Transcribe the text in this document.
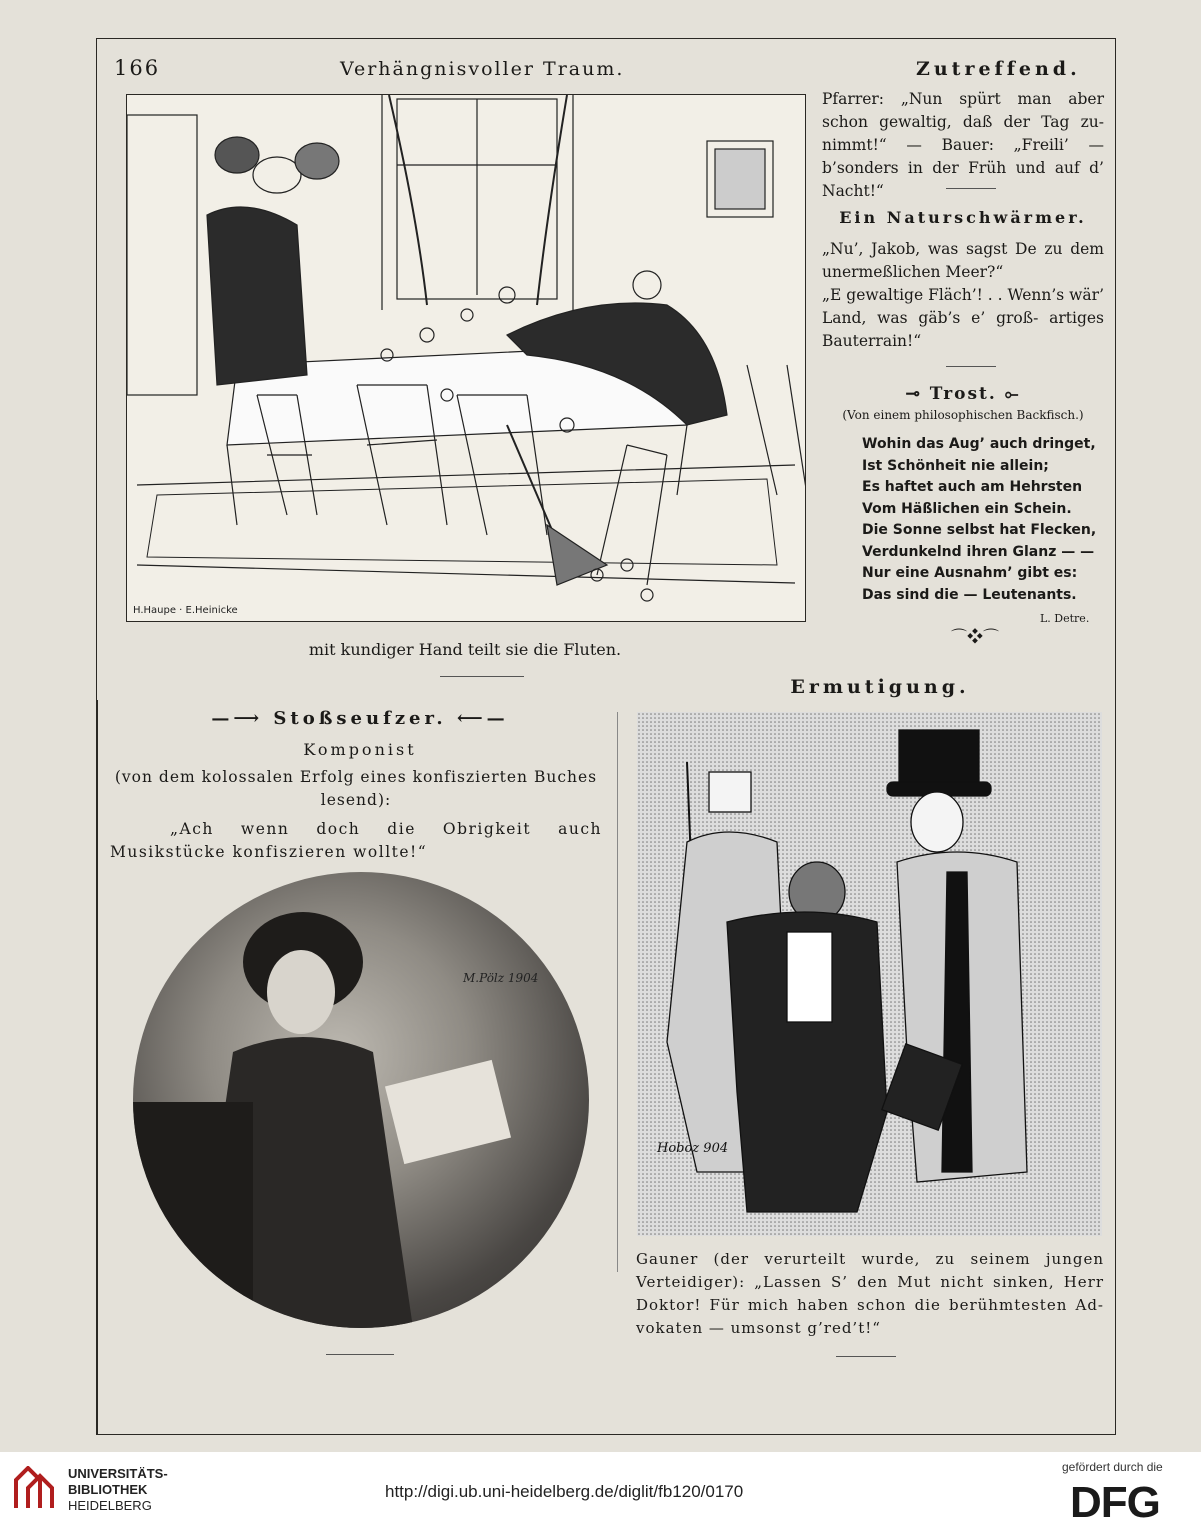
166	Verhängnisvoller Traum.	Zutreffend.
H.Haupe · E.Heinicke
mit kundiger Hand teilt sie die Fluten.
Pfarrer: „Nun spürt man aber schon gewaltig, daß der Tag zu- nimmt!“ — Bauer: „Freili’ — b’sonders in der Früh und auf d’ Nacht!“
Ein Naturschwärmer.
„Nu’, Jakob, was sagst De zu dem unermeßlichen Meer?“
„E gewaltige Fläch’! . . Wenn’s wär’ Land, was gäb’s e’ groß- artiges Bauterrain!“
⊸ Trost. ⟜
(Von einem philosophischen Backfisch.)
Wohin das Aug’ auch dringet,
Ist Schönheit nie allein;
Es haftet auch am Hehrsten
Vom Häßlichen ein Schein.
Die Sonne selbst hat Flecken,
Verdunkelnd ihren Glanz — —
Nur eine Ausnahm’ gibt es:
Das sind die — Leutenants.
L. Detre.
⌒❖⌒
Ermutigung.
Hoboz 904
Gauner (der verurteilt wurde, zu seinem jungen Verteidiger): „Lassen S’ den Mut nicht sinken, Herr Doktor! Für mich haben schon die berühmtesten Ad- vokaten — umsonst g’red’t!“
—⟶ Stoßseufzer. ⟵—
Komponist
(von dem kolossalen Erfolg eines konfiszierten Buches lesend):
„Ach wenn doch die Obrigkeit auch Musikstücke konfiszieren wollte!“
M.Pölz 1904
UNIVERSITÄTS-
BIBLIOTHEK
HEIDELBERG
http://digi.ub.uni-heidelberg.de/diglit/fb120/0170
gefördert durch die
DFG
